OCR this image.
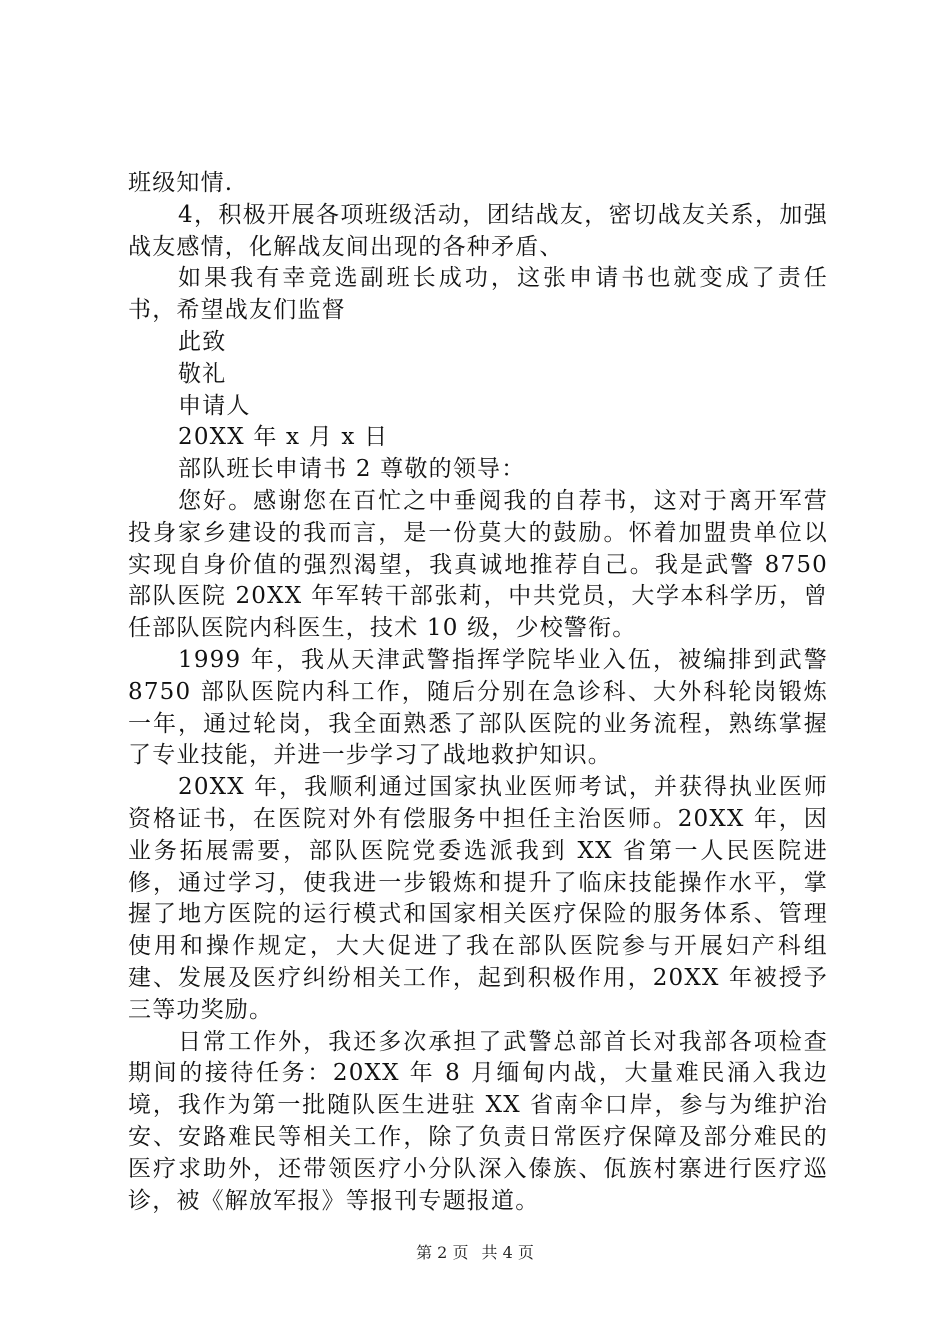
班级知情.

4，积极开展各项班级活动，团结战友，密切战友关系，加强战友感情，化解战友间出现的各种矛盾、

如果我有幸竞选副班长成功，这张申请书也就变成了责任书，希望战友们监督

此致

敬礼

申请人

20XX 年 x 月 x 日

部队班长申请书 2 尊敬的领导：

您好。感谢您在百忙之中垂阅我的自荐书，这对于离开军营投身家乡建设的我而言，是一份莫大的鼓励。怀着加盟贵单位以实现自身价值的强烈渴望，我真诚地推荐自己。我是武警 8750 部队医院 20XX 年军转干部张莉，中共党员，大学本科学历，曾任部队医院内科医生，技术 10 级，少校警衔。

1999 年，我从天津武警指挥学院毕业入伍，被编排到武警 8750 部队医院内科工作，随后分别在急诊科、大外科轮岗锻炼一年，通过轮岗，我全面熟悉了部队医院的业务流程，熟练掌握了专业技能，并进一步学习了战地救护知识。

20XX 年，我顺利通过国家执业医师考试，并获得执业医师资格证书，在医院对外有偿服务中担任主治医师。20XX 年，因业务拓展需要，部队医院党委选派我到 XX 省第一人民医院进修，通过学习，使我进一步锻炼和提升了临床技能操作水平，掌握了地方医院的运行模式和国家相关医疗保险的服务体系、管理使用和操作规定，大大促进了我在部队医院参与开展妇产科组建、发展及医疗纠纷相关工作，起到积极作用，20XX 年被授予三等功奖励。

日常工作外，我还多次承担了武警总部首长对我部各项检查期间的接待任务：20XX 年 8 月缅甸内战，大量难民涌入我边境，我作为第一批随队医生进驻 XX 省南伞口岸，参与为维护治安、安路难民等相关工作，除了负责日常医疗保障及部分难民的医疗求助外，还带领医疗小分队深入傣族、佤族村寨进行医疗巡诊，被《解放军报》等报刊专题报道。

第 2 页 共 4 页
